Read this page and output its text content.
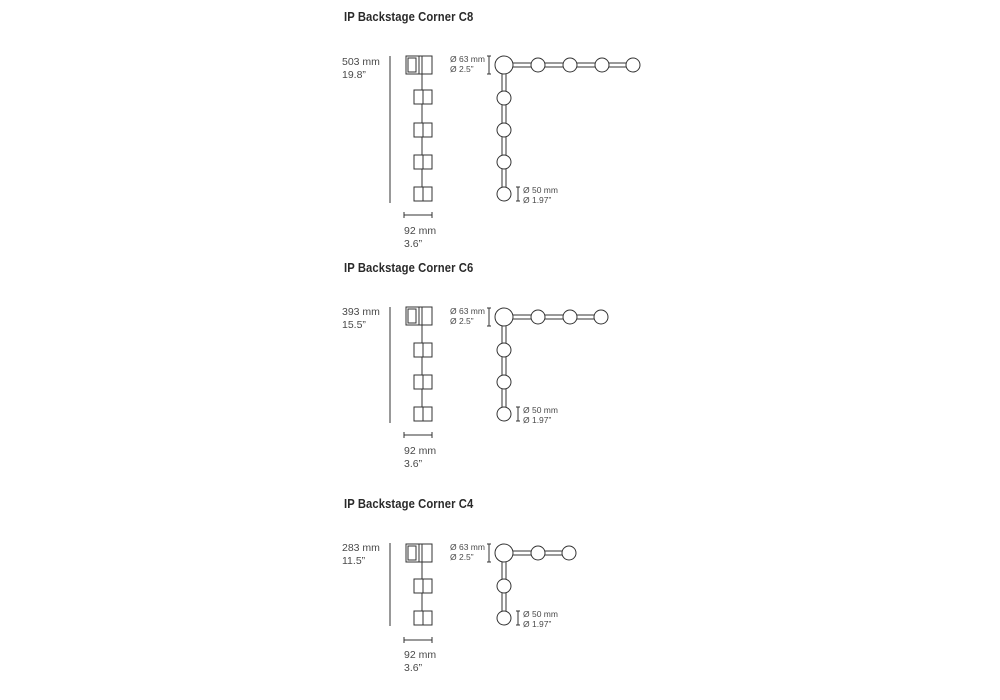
IP Backstage Corner C8
503 mm
19.8”
92 mm
3.6”
Ø 63 mm
Ø 2.5”
Ø 50 mm
Ø 1.97”
IP Backstage Corner C6
393 mm
15.5”
92 mm
3.6”
Ø 63 mm
Ø 2.5”
Ø 50 mm
Ø 1.97”
IP Backstage Corner C4
283 mm
11.5”
92 mm
3.6”
Ø 63 mm
Ø 2.5”
Ø 50 mm
Ø 1.97”
